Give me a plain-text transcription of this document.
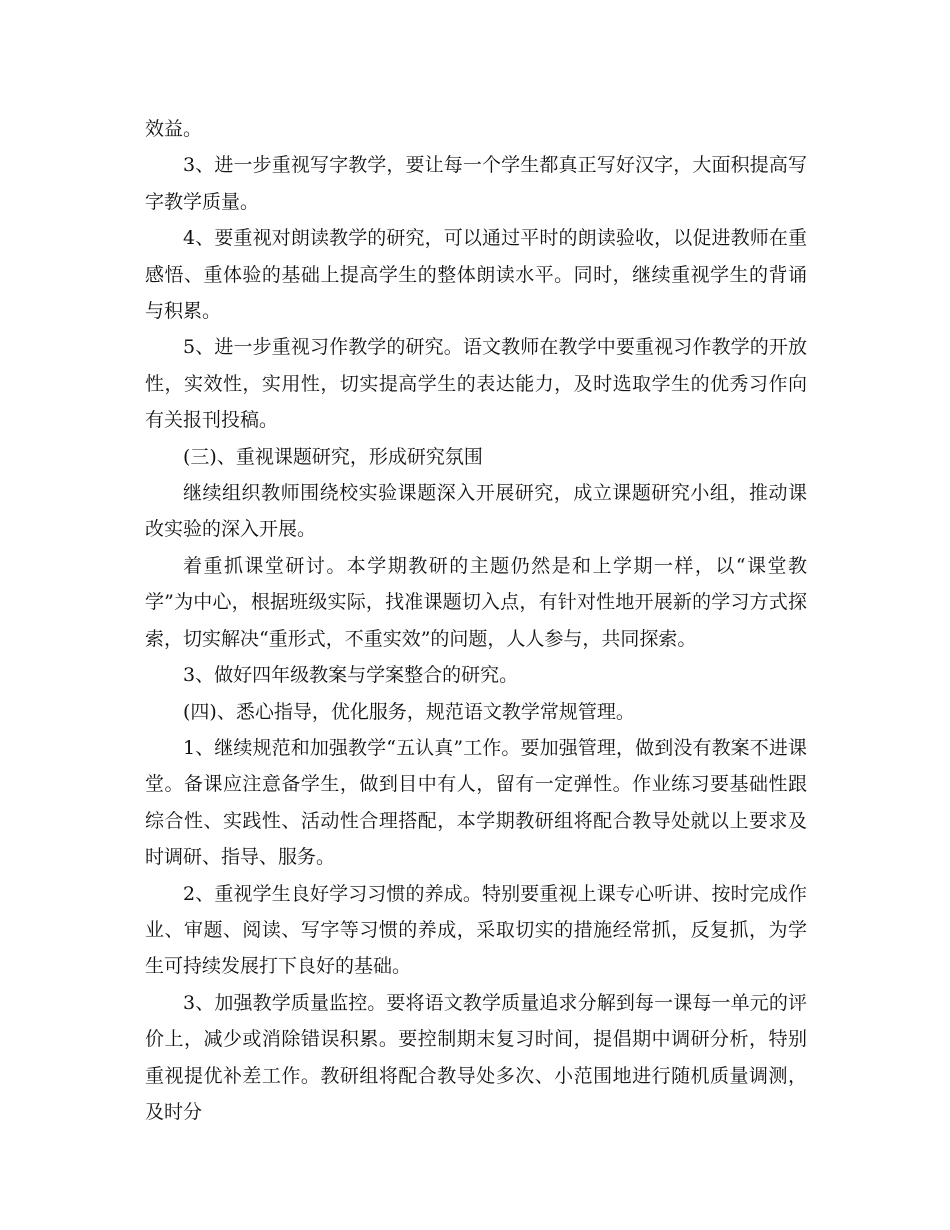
效益。

3、进一步重视写字教学，要让每一个学生都真正写好汉字，大面积提高写字教学质量。

4、要重视对朗读教学的研究，可以通过平时的朗读验收，以促进教师在重感悟、重体验的基础上提高学生的整体朗读水平。同时，继续重视学生的背诵与积累。

5、进一步重视习作教学的研究。语文教师在教学中要重视习作教学的开放性，实效性，实用性，切实提高学生的表达能力，及时选取学生的优秀习作向有关报刊投稿。

(三)、重视课题研究，形成研究氛围

继续组织教师围绕校实验课题深入开展研究，成立课题研究小组，推动课改实验的深入开展。

着重抓课堂研讨。本学期教研的主题仍然是和上学期一样，以“课堂教学”为中心，根据班级实际，找准课题切入点，有针对性地开展新的学习方式探索，切实解决“重形式，不重实效”的问题，人人参与，共同探索。

3、做好四年级教案与学案整合的研究。

(四)、悉心指导，优化服务，规范语文教学常规管理。

1、继续规范和加强教学“五认真”工作。要加强管理，做到没有教案不进课堂。备课应注意备学生，做到目中有人，留有一定弹性。作业练习要基础性跟综合性、实践性、活动性合理搭配，本学期教研组将配合教导处就以上要求及时调研、指导、服务。

2、重视学生良好学习习惯的养成。特别要重视上课专心听讲、按时完成作业、审题、阅读、写字等习惯的养成，采取切实的措施经常抓，反复抓，为学生可持续发展打下良好的基础。

3、加强教学质量监控。要将语文教学质量追求分解到每一课每一单元的评价上，减少或消除错误积累。要控制期末复习时间，提倡期中调研分析，特别重视提优补差工作。教研组将配合教导处多次、小范围地进行随机质量调测，及时分
